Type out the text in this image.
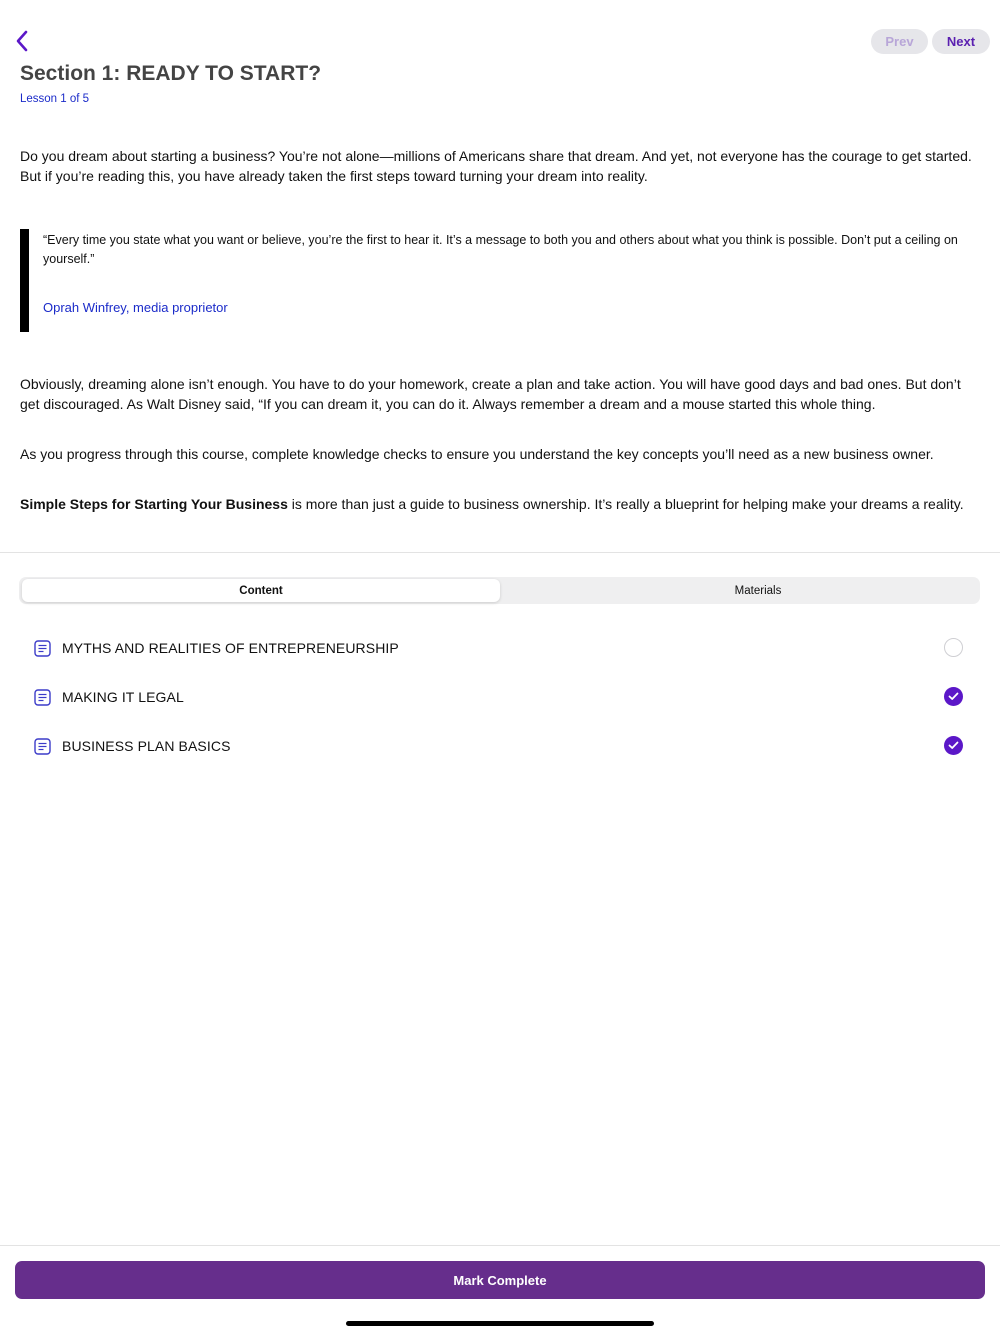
Prev	Next
Section 1: READY TO START?
Lesson 1 of 5

Do you dream about starting a business? You’re not alone—millions of Americans share that dream. And yet, not everyone has the courage to get started. But if you’re reading this, you have already taken the first steps toward turning your dream into reality.

“Every time you state what you want or believe, you’re the first to hear it. It’s a message to both you and others about what you think is possible. Don’t put a ceiling on yourself.”

Oprah Winfrey, media proprietor

Obviously, dreaming alone isn’t enough. You have to do your homework, create a plan and take action. You will have good days and bad ones. But don’t get discouraged. As Walt Disney said, “If you can dream it, you can do it. Always remember a dream and a mouse started this whole thing.

As you progress through this course, complete knowledge checks to ensure you understand the key concepts you’ll need as a new business owner.

Simple Steps for Starting Your Business is more than just a guide to business ownership. It’s really a blueprint for helping make your dreams a reality.

Content	Materials
MYTHS AND REALITIES OF ENTREPRENEURSHIP
MAKING IT LEGAL
BUSINESS PLAN BASICS
Mark Complete
